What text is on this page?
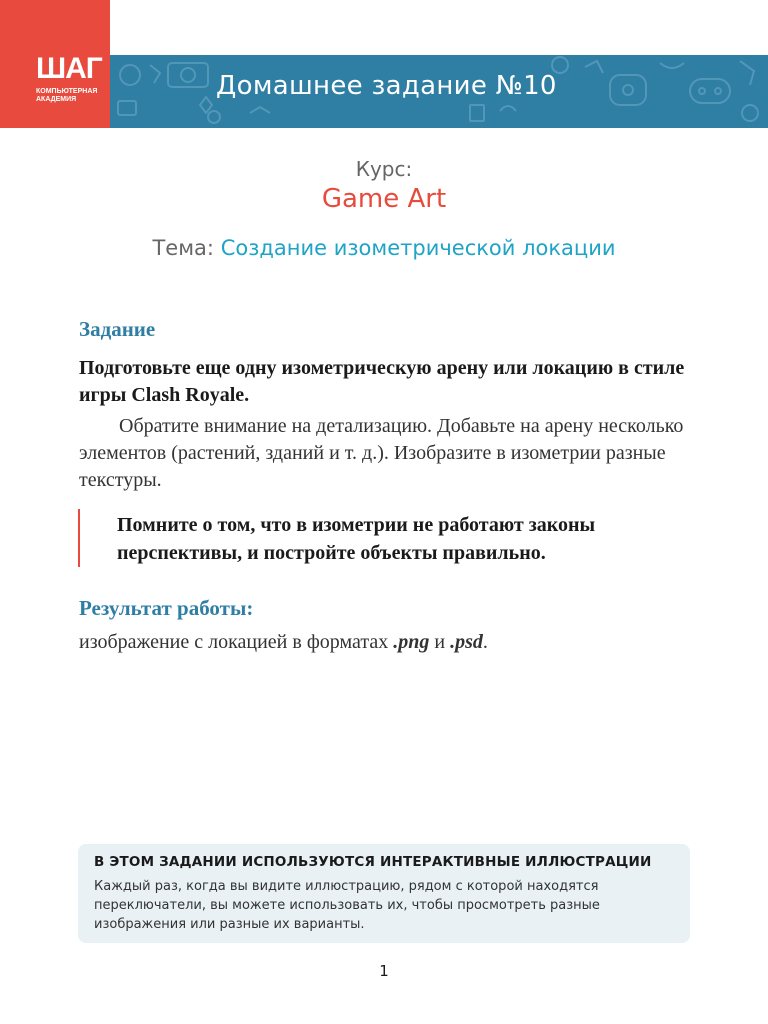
Домашнее задание №10
ШАГ
КОМПЬЮТЕРНАЯ
АКАДЕМИЯ
Курс:
Game Art
Тема: Создание изометрической локации
Задание
Подготовьте еще одну изометрическую арену или локацию в стиле игры Clash Royale.
Обратите внимание на детализацию. Добавьте на арену несколько элементов (растений, зданий и т. д.). Изобразите в изометрии разные текстуры.
Помните о том, что в изометрии не работают законы перспективы, и постройте объекты правильно.
Результат работы:
изображение с локацией в форматах .png и .psd.
В ЭТОМ ЗАДАНИИ ИСПОЛЬЗУЮТСЯ ИНТЕРАКТИВНЫЕ ИЛЛЮСТРАЦИИ
Каждый раз, когда вы видите иллюстрацию, рядом с которой находятся переключатели, вы можете использовать их, чтобы просмотреть разные изображения или разные их варианты.
1
